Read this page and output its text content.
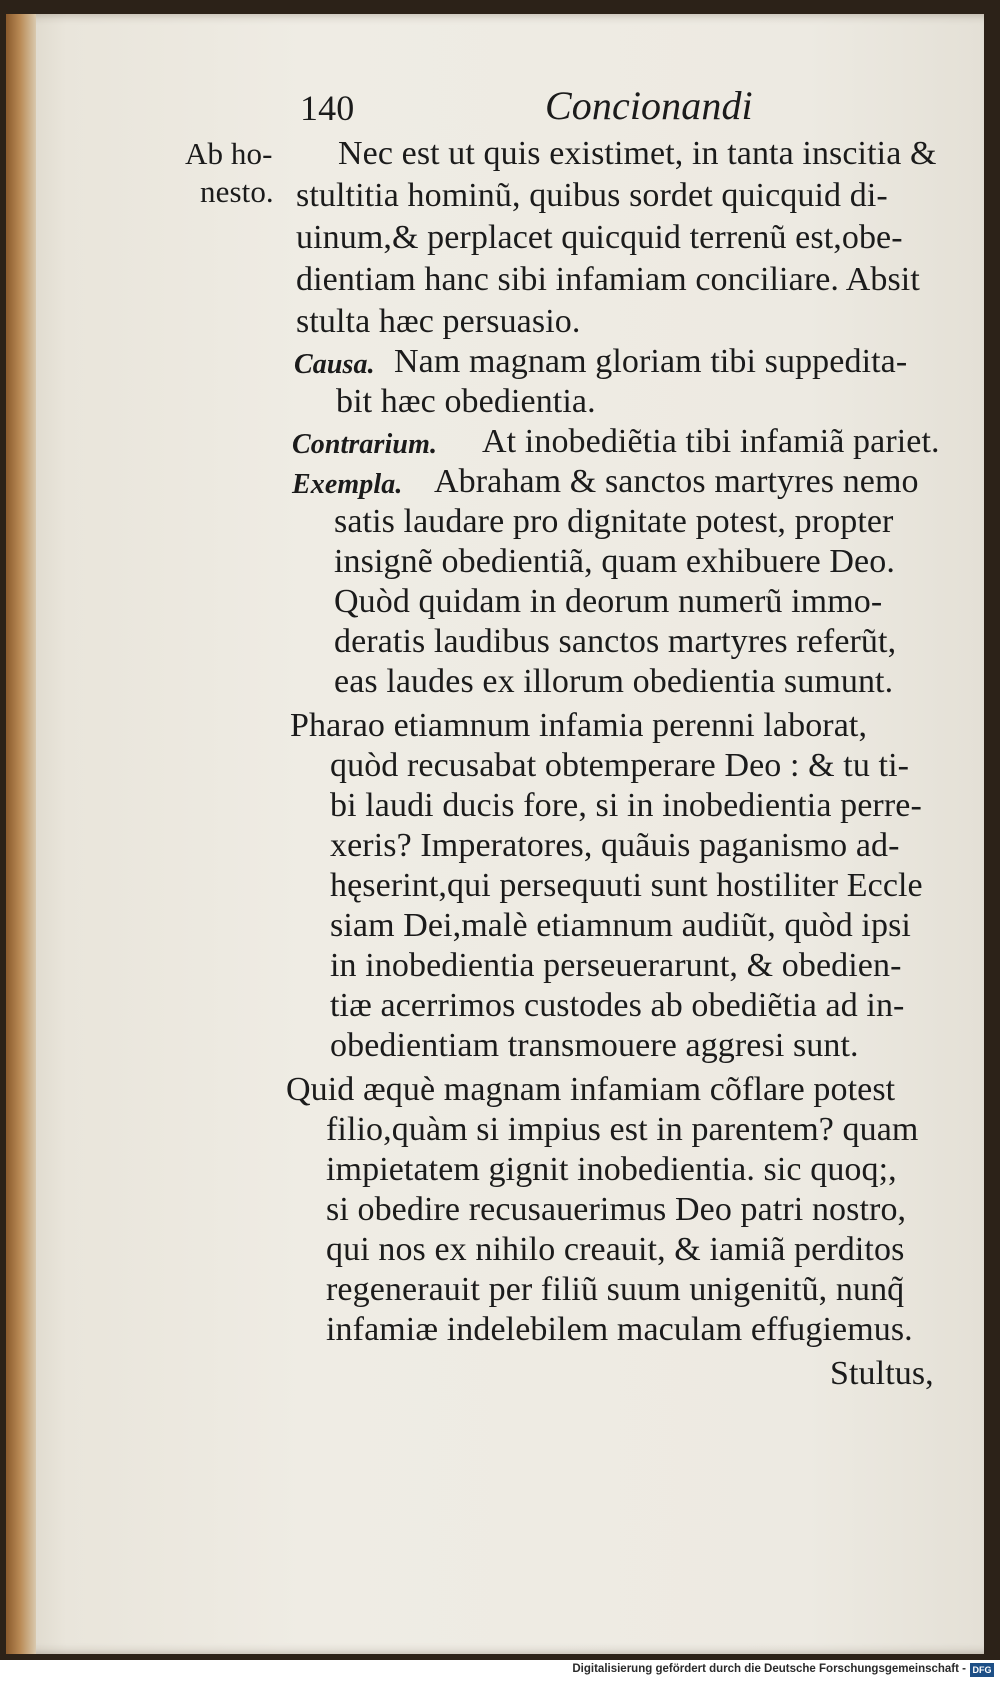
140	Concionandi
Ab ho-
nesto.
Nec est ut quis existimet, in tanta inscitia &
stultitia hominũ, quibus sordet quicquid di-
uinum,& perplacet quicquid terrenũ est,obe-
dientiam hanc sibi infamiam conciliare. Absit
stulta hæc persuasio.
Causa. Nam magnam gloriam tibi suppedita-
bit hæc obedientia.
Contrarium. At inobediẽtia tibi infamiã pariet.
Exempla. Abraham & sanctos martyres nemo
satis laudare pro dignitate potest, propter
insignẽ obedientiã, quam exhibuere Deo.
Quòd quidam in deorum numerũ immo-
deratis laudibus sanctos martyres referũt,
eas laudes ex illorum obedientia sumunt.
Pharao etiamnum infamia perenni laborat,
quòd recusabat obtemperare Deo : & tu ti-
bi laudi ducis fore, si in inobedientia perre-
xeris? Imperatores, quãuis paganismo ad-
hęserint,qui persequuti sunt hostiliter Eccle
siam Dei,malè etiamnum audiũt, quòd ipsi
in inobedientia perseuerarunt, & obedien-
tiæ acerrimos custodes ab obediẽtia ad in-
obedientiam transmouere aggresi sunt.
Quid æquè magnam infamiam cõflare potest
filio,quàm si impius est in parentem? quam
impietatem gignit inobedientia. sic quoq;,
si obedire recusauerimus Deo patri nostro,
qui nos ex nihilo creauit, & iamiã perditos
regenerauit per filiũ suum unigenitũ, nunq̃
infamiæ indelebilem maculam effugiemus.
Stultus,
Digitalisierung gefördert durch die Deutsche Forschungsgemeinschaft - DFG
